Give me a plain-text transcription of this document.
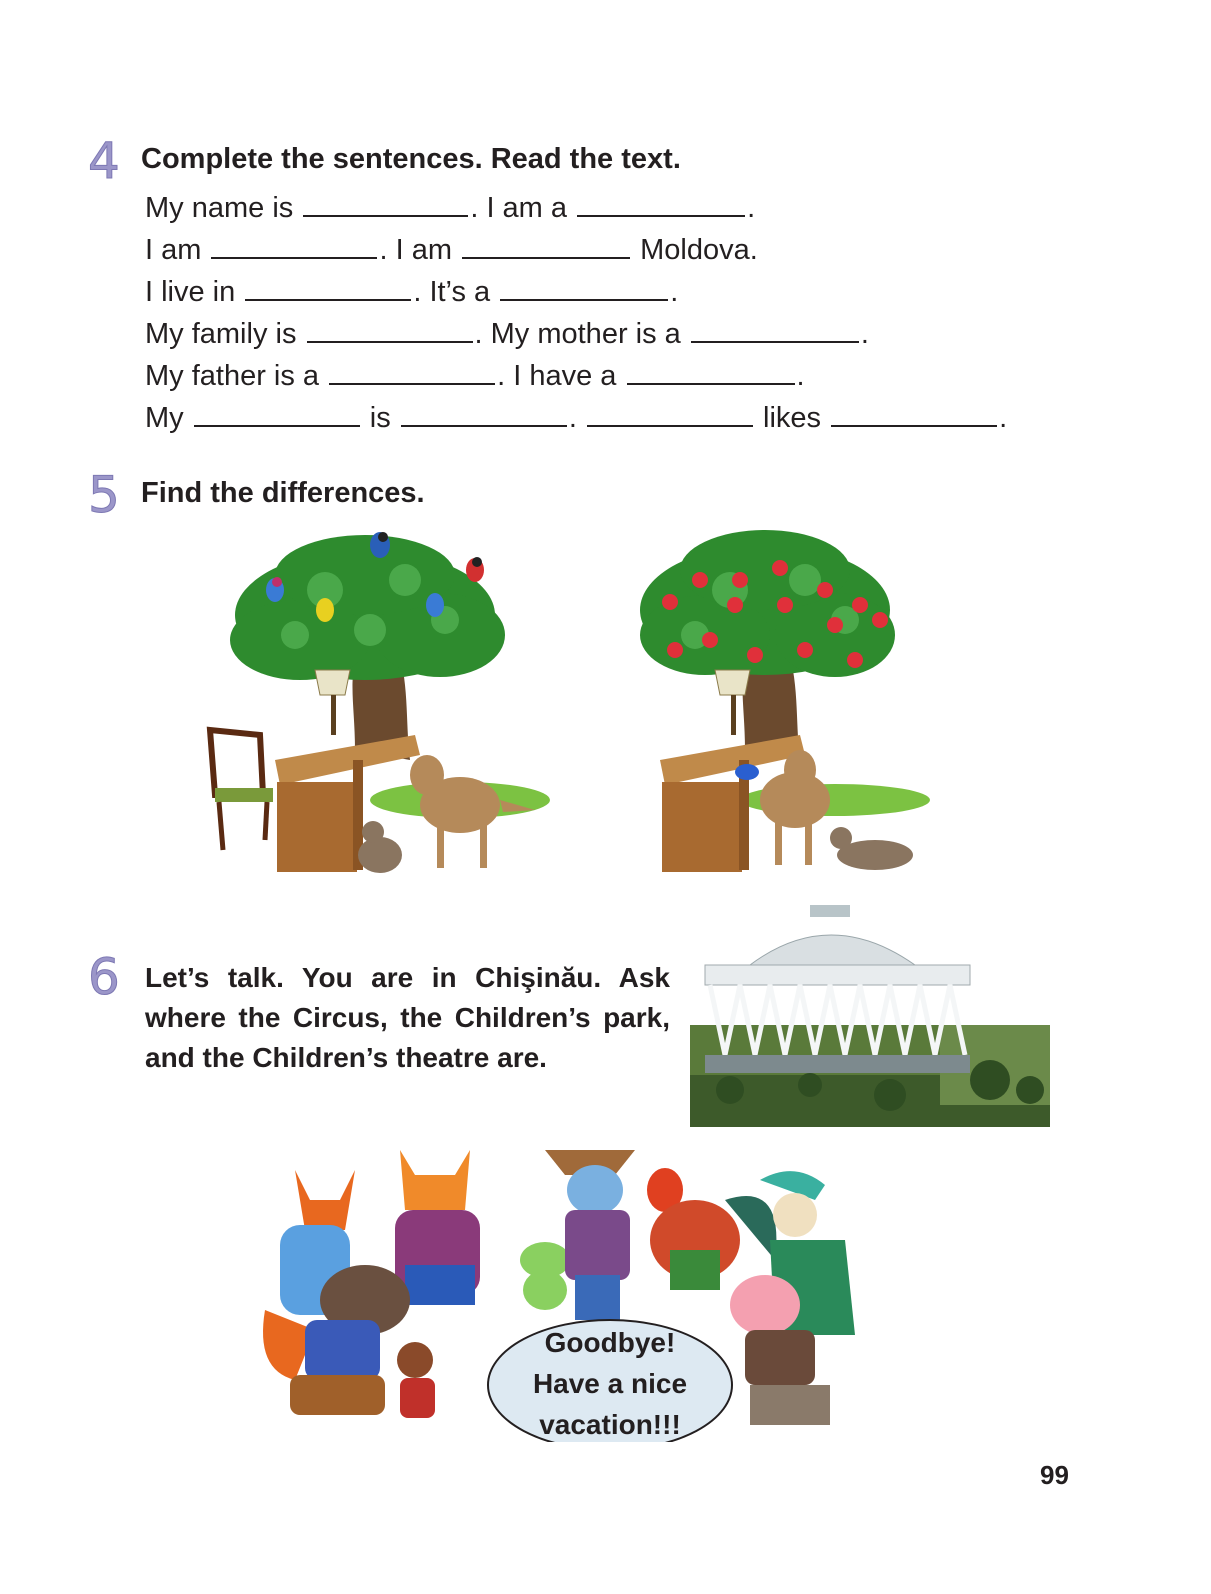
4 Complete the sentences. Read the text.
My name is	. I am a	.
I am	. I am	Moldova.
I live in	. It’s a	.
My family is	. My mother is a	.
My father is a	. I have a	.
My	is	.	likes	.
5 Find the differences.
6 Let’s talk. You are in Chişinău. Ask where the Circus, the Children’s park, and the Children’s theatre are.
Goodbye!
Have a nice
vacation!!!
99
